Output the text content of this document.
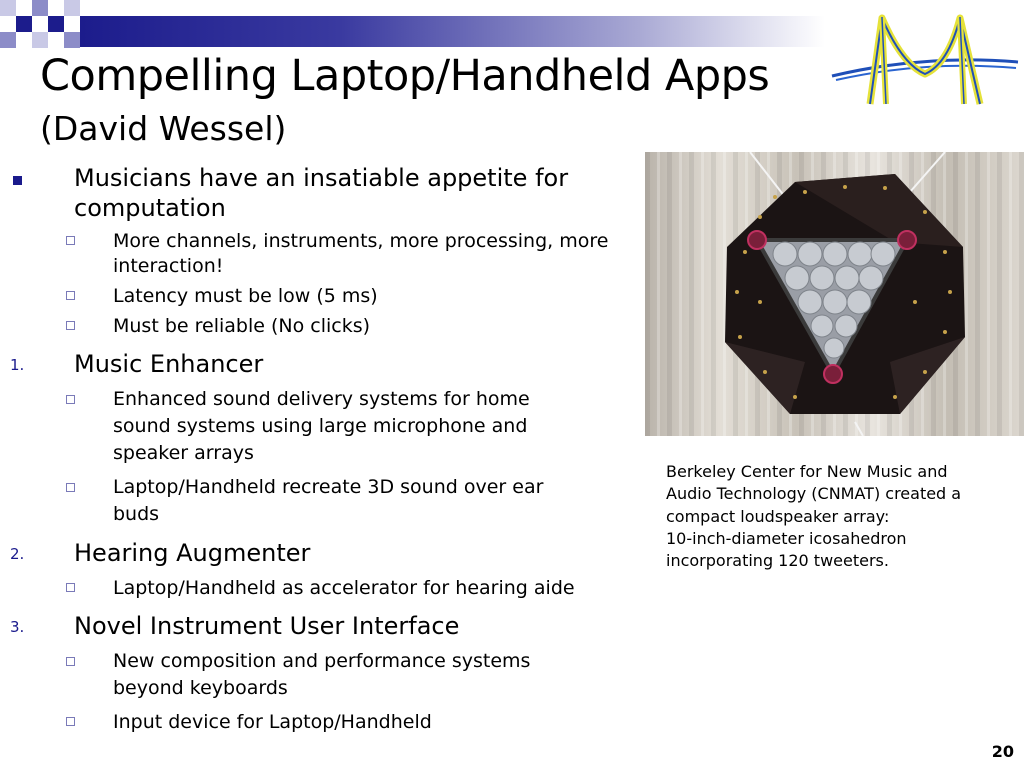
Compelling Laptop/Handheld Apps
(David Wessel)
Musicians have an insatiable appetite for computation
More channels, instruments, more processing, more interaction!
Latency must be low (5 ms)
Must be reliable (No clicks)
1. Music Enhancer
Enhanced sound delivery systems for home sound systems using large microphone and speaker arrays
Laptop/Handheld recreate 3D sound over ear buds
2. Hearing Augmenter
Laptop/Handheld as accelerator for hearing aide
3. Novel Instrument User Interface
New composition and performance systems beyond keyboards
Input device for Laptop/Handheld
Berkeley Center for New Music and Audio Technology (CNMAT) created a compact loudspeaker array:
10-inch-diameter icosahedron incorporating 120 tweeters.
20
